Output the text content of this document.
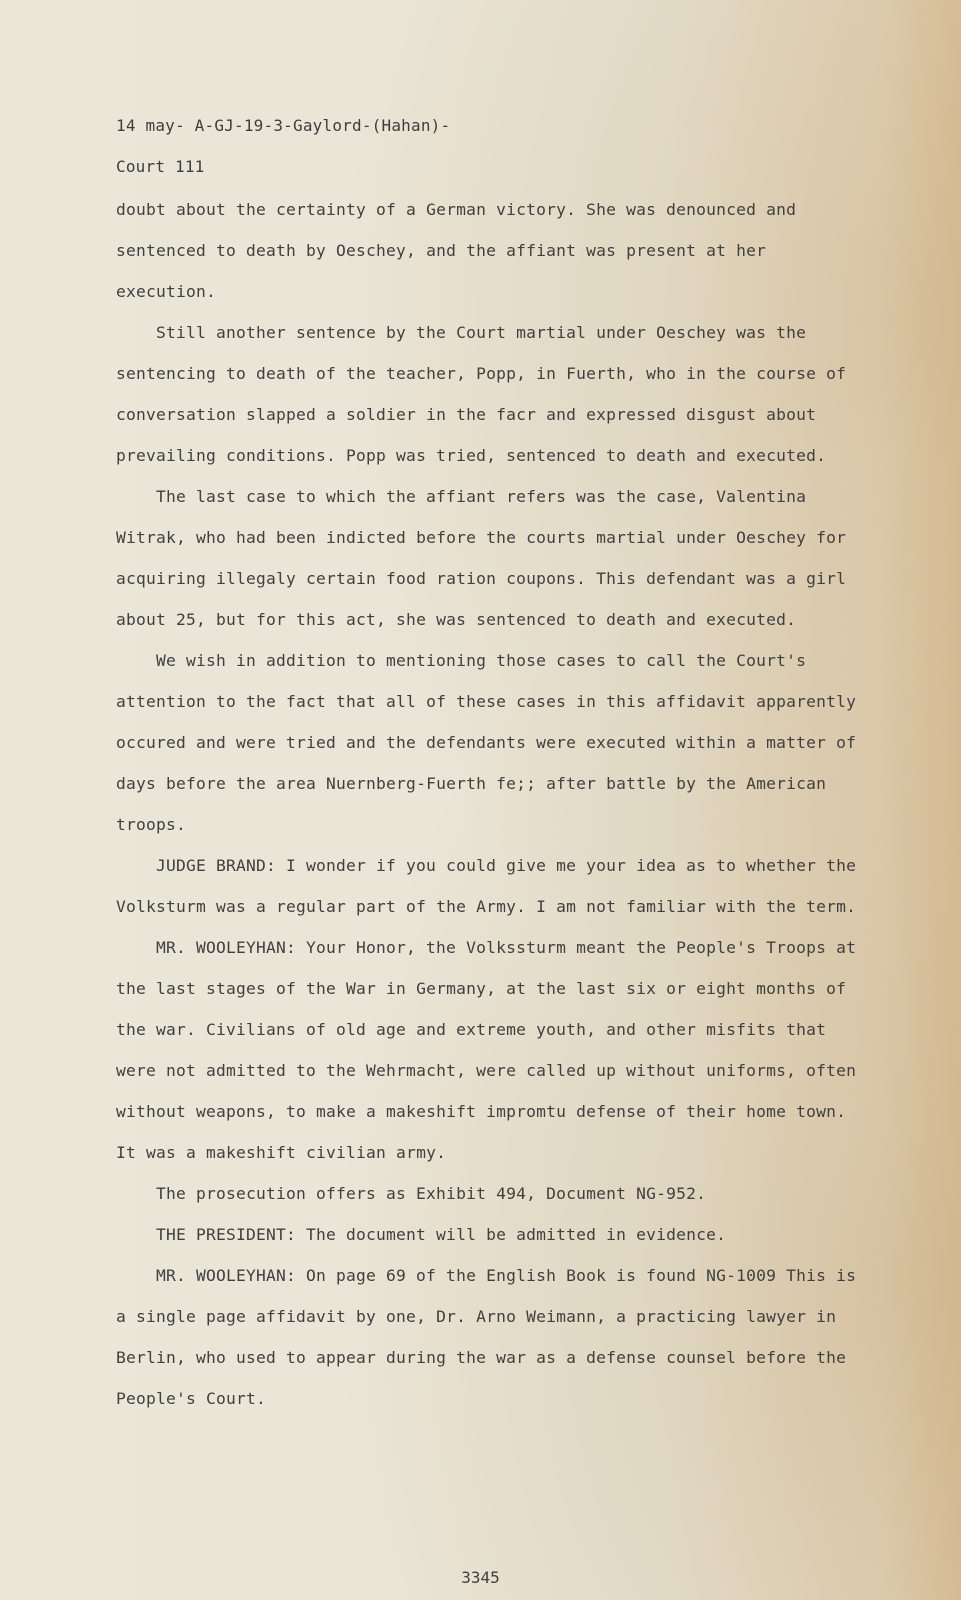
14 may- A-GJ-19-3-Gaylord-(Hahan)-
Court 111

doubt about the certainty of a German victory. She was denounced and sentenced to death by Oeschey, and the affiant was present at her execution.

Still another sentence by the Court martial under Oeschey was the sentencing to death of the teacher, Popp, in Fuerth, who in the course of conversation slapped a soldier in the facr and expressed disgust about prevailing conditions. Popp was tried, sentenced to death and executed.

The last case to which the affiant refers was the case, Valentina Witrak, who had been indicted before the courts martial under Oeschey for acquiring illegaly certain food ration coupons. This defendant was a girl about 25, but for this act, she was sentenced to death and executed.

We wish in addition to mentioning those cases to call the Court's attention to the fact that all of these cases in this affidavit apparently occured and were tried and the defendants were executed within a matter of days before the area Nuernberg-Fuerth fe;; after battle by the American troops.

JUDGE BRAND: I wonder if you could give me your idea as to whether the Volksturm was a regular part of the Army. I am not familiar with the term.

MR. WOOLEYHAN: Your Honor, the Volkssturm meant the People's Troops at the last stages of the War in Germany, at the last six or eight months of the war. Civilians of old age and extreme youth, and other misfits that were not admitted to the Wehrmacht, were called up without uniforms, often without weapons, to make a makeshift impromtu defense of their home town. It was a makeshift civilian army.

The prosecution offers as Exhibit 494, Document NG-952.

THE PRESIDENT: The document will be admitted in evidence.

MR. WOOLEYHAN: On page 69 of the English Book is found NG-1009 This is a single page affidavit by one, Dr. Arno Weimann, a practicing lawyer in Berlin, who used to appear during the war as a defense counsel before the People's Court.

3345
